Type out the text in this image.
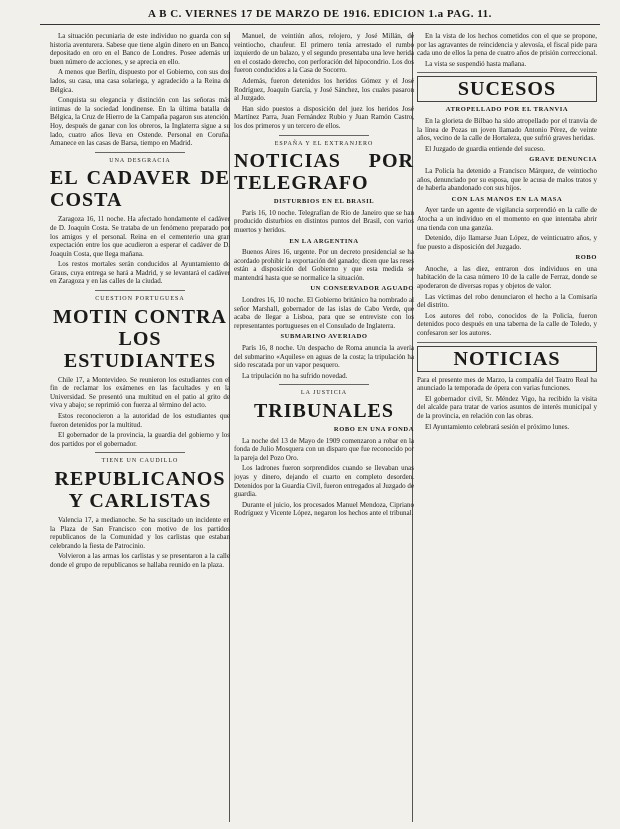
A B C. VIERNES 17 DE MARZO DE 1916. EDICION 1.a PAG. 11.

La situación pecuniaria de este individuo no guarda con su historia aventurera. Sabese que tiene algún dinero en un Banco, depositado en oro en el Banco de Londres. Posee además un buen número de acciones, y se aprecia en ello.

A menos que Berlín, dispuesto por el Gobierno, con sus dos lados, su casa, una casa solariega, y agradecido a la Reina de Bélgica.

Conquista su elegancia y distinción con las señoras más intimas de la sociedad londinense. En la última batalla de Bélgica, la Cruz de Hierro de la Campaña pagaron sus atención. Hoy, después de ganar con los obreros, la Inglaterra sigue a su lado, cuatro años lleva en Ostende. Personal en Coruña. Amanece en las casas de Barsa, tiempo en Madrid.

UNA DESGRACIA
EL CADAVER DE COSTA

Zaragoza 16, 11 noche. Ha afectado hondamente el cadáver de D. Joaquín Costa. Se trataba de un fenómeno preparado por los amigos y el personal. Reina en el cementerio una gran expectación entre los que acudieron a esperar el cadáver de D. Joaquín Costa, que llega mañana.

Los restos mortales serán conducidos al Ayuntamiento de Graus, cuya entrega se hará a Madrid, y se levantará el cadáver en Zaragoza y en las calles de la ciudad.

CUESTION PORTUGUESA
MOTIN CONTRA LOS ESTUDIANTES

Chile 17, a Montevideo. Se reunieron los estudiantes con el fin de reclamar los exámenes en las facultades y en la Universidad. Se presentó una multitud en el patio al grito de viva y abajo; se reprimió con fuerza al término del acto.

Estos reconocieron a la autoridad de los estudiantes que fueron detenidos por la multitud.

El gobernador de la provincia, la guardia del gobierno y los dos partidos por el gobernador.

TIENE UN CAUDILLO
REPUBLICANOS Y CARLISTAS

Valencia 17, a medianoche. Se ha suscitado un incidente en la Plaza de San Francisco con motivo de los partidos republicanos de la Comunidad y los carlistas que estaban celebrando la fiesta de Patrocinio.

Volvieron a las armas los carlistas y se presentaron a la calle donde el grupo de republicanos se hallaba reunido en la plaza.

Manuel, de veintiún años, relojero, y José Millán, de veintiocho, chaufeur. El primero tenía arrestado el rumbo izquierdo de un balazo, y el segundo presentaba una leve herida en el costado derecho, con perforación del hipocondrio. Los dos fueron conducidos a la Casa de Socorro.

Además, fueron detenidos los heridos Gómez y el José Rodríguez, Joaquín García, y José Sánchez, los cuales pasaron al Juzgado.

Han sido puestos a disposición del juez los heridos José Martínez Parra, Juan Fernández Rubio y Juan Ramón Castro, los dos primeros y un tercero de ellos.

ESPAÑA Y EL EXTRANJERO
NOTICIAS POR TELEGRAFO
DISTURBIOS EN EL BRASIL

París 16, 10 noche. Telegrafían de Río de Janeiro que se han producido disturbios en distintos puntos del Brasil, con varios muertos y heridos.

EN LA ARGENTINA

Buenos Aires 16, urgente. Por un decreto presidencial se ha acordado prohibir la exportación del ganado; dicen que las reses están a disposición del Gobierno y que esta medida se mantendrá hasta que se normalice la situación.

UN CONSERVADOR AGUADO

Londres 16, 10 noche. El Gobierno británico ha nombrado al señor Marshall, gobernador de las islas de Cabo Verde, que acaba de llegar a Lisboa, para que se entreviste con los representantes portugueses en el Consulado de Inglaterra.

SUBMARINO AVERIADO

París 16, 8 noche. Un despacho de Roma anuncia la avería del submarino «Aquiles» en aguas de la costa; la tripulación ha sido rescatada por un vapor pesquero.

La tripulación no ha sufrido novedad.

LA JUSTICIA
TRIBUNALES
ROBO EN UNA FONDA

La noche del 13 de Mayo de 1909 comenzaron a robar en la fonda de Julio Mosquera con un disparo que fue reconocido por la pareja del Pozo Oro.

Los ladrones fueron sorprendidos cuando se llevaban unas joyas y dinero, dejando el cuarto en completo desorden. Detenidos por la Guardia Civil, fueron entregados al Juzgado de guardia.

Durante el juicio, los procesados Manuel Mendoza, Cipriano Rodríguez y Vicente López, negaron los hechos ante el tribunal.

En la vista de los hechos cometidos con el que se propone, por las agravantes de reincidencia y alevosía, el fiscal pide para cada uno de ellos la pena de cuatro años de prisión correccional.

La vista se suspendió hasta mañana.

SUCESOS
ATROPELLADO POR EL TRANVIA

En la glorieta de Bilbao ha sido atropellado por el tranvía de la línea de Pozas un joven llamado Antonio Pérez, de veinte años, vecino de la calle de Hortaleza, que sufrió graves heridas.

El Juzgado de guardia entiende del suceso.

GRAVE DENUNCIA

La Policía ha detenido a Francisco Márquez, de veintiocho años, denunciado por su esposa, que le acusa de malos tratos y de haberla abandonado con sus hijos.

CON LAS MANOS EN LA MASA

Ayer tarde un agente de vigilancia sorprendió en la calle de Atocha a un individuo en el momento en que intentaba abrir una tienda con una ganzúa.

Detenido, dijo llamarse Juan López, de veinticuatro años, y fue puesto a disposición del Juzgado.

ROBO

Anoche, a las diez, entraron dos individuos en una habitación de la casa número 10 de la calle de Ferraz, donde se apoderaron de diversas ropas y objetos de valor.

Las víctimas del robo denunciaron el hecho a la Comisaría del distrito.

Los autores del robo, conocidos de la Policía, fueron detenidos poco después en una taberna de la calle de Toledo, y confesaron ser los autores.

NOTICIAS

Para el presente mes de Marzo, la compañía del Teatro Real ha anunciado la temporada de ópera con varias funciones.

El gobernador civil, Sr. Méndez Vigo, ha recibido la visita del alcalde para tratar de varios asuntos de interés municipal y de la provincia, en relación con las obras.

El Ayuntamiento celebrará sesión el próximo lunes.
